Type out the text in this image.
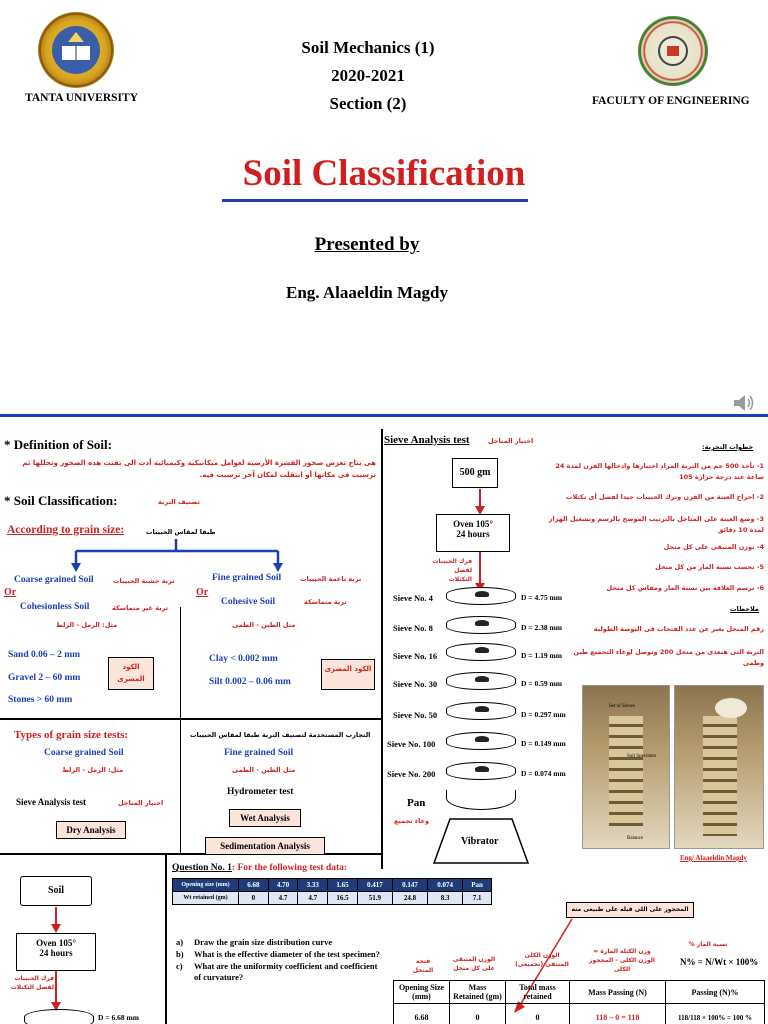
TANTA UNIVERSITY
Soil Mechanics (1)
2020-2021
Section (2)	FACULTY OF ENGINEERING
Soil Classification
Presented by
Eng. Alaaeldin Magdy
* Definition of Soil:
هى نتاج تعرض صخور القشرة الأرضية لعوامل ميكانيكية وكيميائية أدت الى تفتت هذه الصخور وتحللها ثم ترسبت فى مكانها أو انتقلت لمكان آخر ترسبت فيه.
* Soil Classification:	تصنيف التربة
According to grain size:	طبقا لمقاس الحبيبات
Coarse grained Soil	تربة خشنة الحبيبات
Or
Cohesionless Soil	تربة غير متماسكة
مثل: الرمل - الزلط
Sand 0.06 – 2 mm
Gravel 2 – 60 mm
Stones > 60 mm
الكود المصرى
Fine grained Soil	تربة ناعمة الحبيبات
Or
Cohesive Soil	تربة متماسكة
مثل الطين - الطمى
Clay < 0.002 mm
Silt 0.002 – 0.06 mm
الكود المصرى
Types of grain size tests:	التجارب المستخدمة لتصنيف التربة طبقا لمقاس الحبيبات
Coarse grained Soil
مثل: الرمل - الزلط
Fine grained Soil
مثل الطين - الطمى
Sieve Analysis test	اختبار المناخل
Dry Analysis
Hydrometer test
Wet Analysis
Sedimentation Analysis
Sieve Analysis test	اختبار المناخل
500 gm
Oven 105°
24 hours
فرك الحبيبات لفصل التكتلات
Sieve No. 4
Sieve No. 8
Sieve No. 16
Sieve No. 30
Sieve No. 50
Sieve No. 100
Sieve No. 200
D = 4.75 mm
D = 2.38 mm
D = 1.19 mm
D = 0.59 mm
D = 0.297 mm
D = 0.149 mm
D = 0.074 mm
Pan
وعاء تجميع
Vibrator
خطوات التجربة:
1- نأخذ 500 جم من التربة المراد اختبارها وادخالها الفرن لمدة 24 ساعة عند درجة حرارة 105
2- اخراج العينة من الفرن وترك الحبيبات جيدا لفصل أى تكتلات
3- وضع العينة على المناخل بالترتيب الموضح بالرسم وتشغيل الهزاز لمدة 10 دقائق
4- نوزن المتبقى على كل منخل
5- نحسب نسبة المار من كل منخل
6- نرسم العلاقة بين نسبة المار ومقاس كل منخل
ملاحظات
رقم المنخل يعبر عن عدد الفتحات فى البوصة الطولية
التربة التى هتعدى من منخل 200 وتوصل لوعاء التجميع طين وطمى
Set of Sieves
Soil Specimen
Balance
Eng/ Alaaeldin Magdy
Soil
Oven 105°
24 hours
فرك الحبيبات لفصل التكتلات
D = 6.68 mm
Question No. 1: For the following test data:
Opening size (mm)	6.68	4.70	3.33	1.65	0.417	0.147	0.074	Pan
Wt retained (gm)	0	4.7	4.7	16.5	51.9	24.8	8.3	7.1
a)	Draw the grain size distribution curve
b)	What is the effective diameter of the test specimen?
c)	What are the uniformity coefficient and coefficient of curvature?
المحجوز على اللى قبله على طبيعى منه
فتحة المنخل
الوزن المتبقى على كل منخل
الوزن الكلى المتبقى (تجميعى)
وزن الكتلة المارة = الوزن الكلى - المحجوز الكلى
نسبة المار %
N% = N/Wt × 100%
Opening Size (mm)	Mass Retained (gm)	Total mass retained	Mass Passing (N)	Passing (N)%
6.68	0	0	118 – 0 = 118	118/118 × 100% = 100 %
